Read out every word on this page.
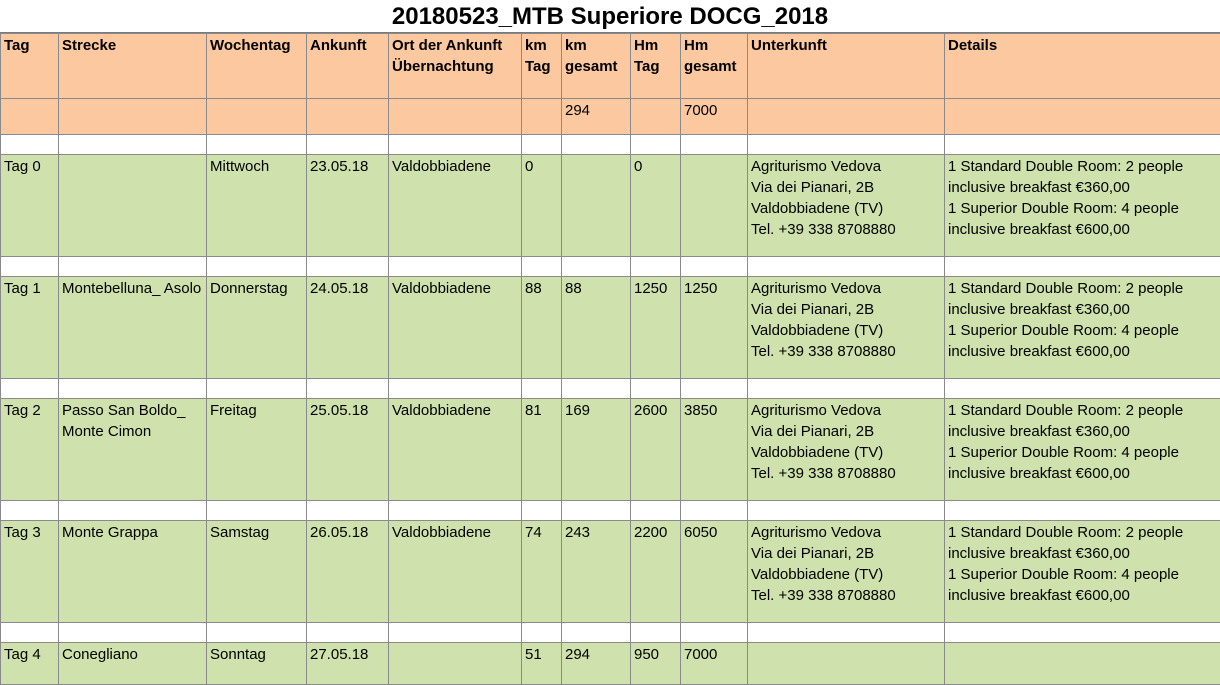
20180523_MTB Superiore DOCG_2018
Tag	Strecke	Wochentag	Ankunft	Ort der Ankunft Übernachtung	km Tag	km gesamt	Hm Tag	Hm gesamt	Unterkunft	Details
						294		7000		

Tag 0		Mittwoch	23.05.18	Valdobbiadene	0		0		Agriturismo Vedova
Via dei Pianari, 2B
Valdobbiadene (TV)
Tel. +39 338 8708880	1 Standard Double Room: 2 people
inclusive breakfast €360,00
1 Superior Double Room: 4 people
inclusive breakfast €600,00

Tag 1	Montebelluna_ Asolo	Donnerstag	24.05.18	Valdobbiadene	88	88	1250	1250	Agriturismo Vedova
Via dei Pianari, 2B
Valdobbiadene (TV)
Tel. +39 338 8708880	1 Standard Double Room: 2 people
inclusive breakfast €360,00
1 Superior Double Room: 4 people
inclusive breakfast €600,00

Tag 2	Passo San Boldo_ Monte Cimon	Freitag	25.05.18	Valdobbiadene	81	169	2600	3850	Agriturismo Vedova
Via dei Pianari, 2B
Valdobbiadene (TV)
Tel. +39 338 8708880	1 Standard Double Room: 2 people
inclusive breakfast €360,00
1 Superior Double Room: 4 people
inclusive breakfast €600,00

Tag 3	Monte Grappa	Samstag	26.05.18	Valdobbiadene	74	243	2200	6050	Agriturismo Vedova
Via dei Pianari, 2B
Valdobbiadene (TV)
Tel. +39 338 8708880	1 Standard Double Room: 2 people
inclusive breakfast €360,00
1 Superior Double Room: 4 people
inclusive breakfast €600,00

Tag 4	Conegliano	Sonntag	27.05.18		51	294	950	7000		
